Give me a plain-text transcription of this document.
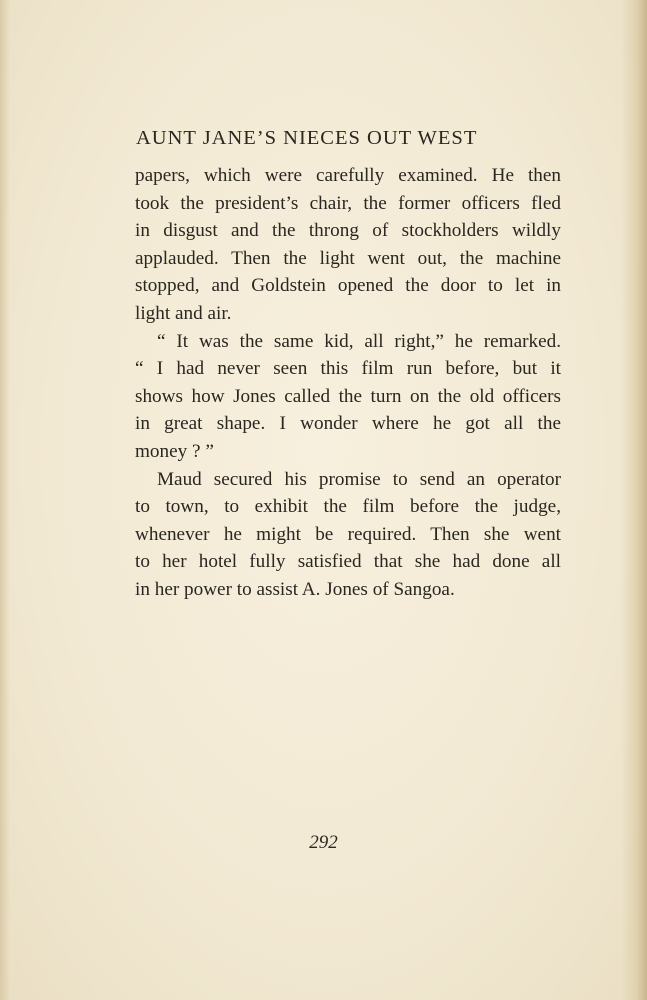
AUNT JANE’S NIECES OUT WEST
papers, which were carefully examined. He then
took the president’s chair, the former officers fled
in disgust and the throng of stockholders wildly
applauded. Then the light went out, the machine
stopped, and Goldstein opened the door to let in
light and air.
“ It was the same kid, all right,” he remarked.
“ I had never seen this film run before, but it
shows how Jones called the turn on the old officers
in great shape. I wonder where he got all the
money ? ”
Maud secured his promise to send an operator
to town, to exhibit the film before the judge,
whenever he might be required. Then she went
to her hotel fully satisfied that she had done all
in her power to assist A. Jones of Sangoa.
292
